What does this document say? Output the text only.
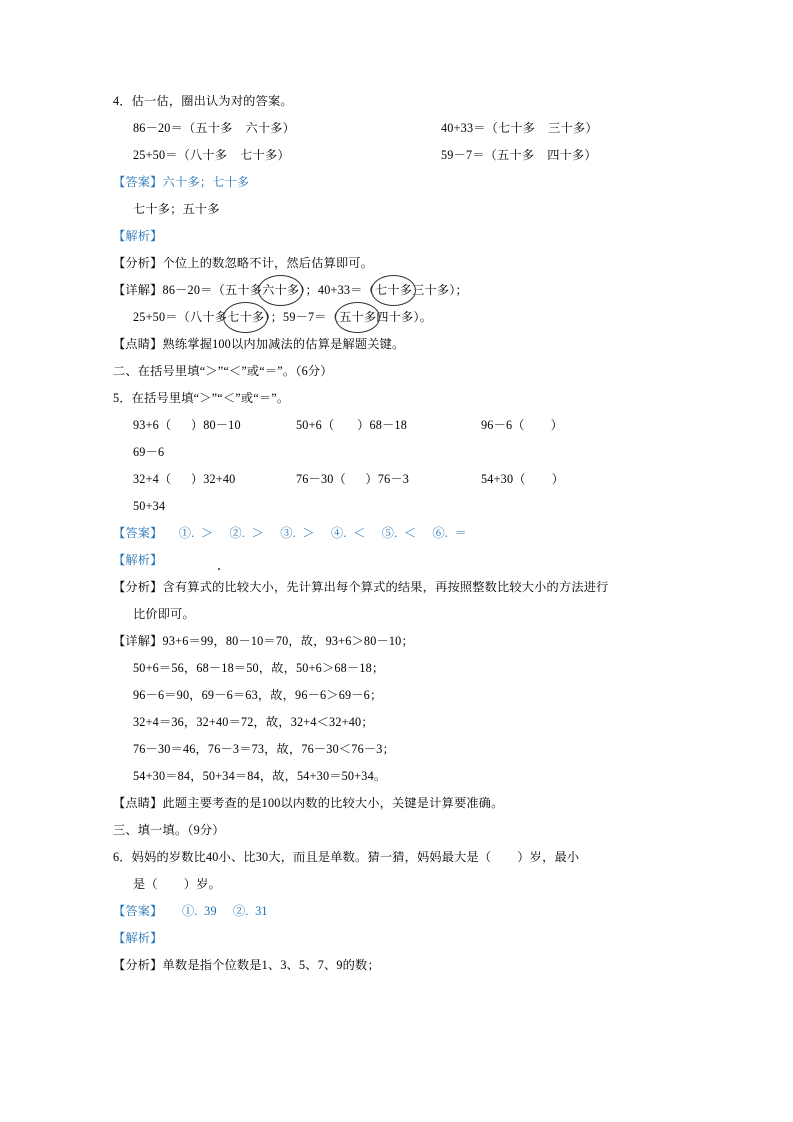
4．估一估，圈出认为对的答案。
86－20＝（五十多    六十多）	40+33＝（七十多    三十多）
25+50＝（八十多    七十多）	59－7＝（五十多    四十多）
【答案】六十多；七十多
七十多；五十多
【解析】
【分析】个位上的数忽略不计，然后估算即可。
【详解】86－20＝（五十多六十多）；40+33＝（七十多三十多）；
25+50＝（八十多七十多）；59－7＝（五十多四十多）。
【点睛】熟练掌握100以内加减法的估算是解题关键。
二、在括号里填“＞”“＜”或“＝”。（6分）
5．在括号里填“＞”“＜”或“＝”。
93+6（      ）80－10	50+6（       ）68－18	96－6（        ）
69－6
32+4（      ）32+40	76－30（      ）76－3	54+30（        ）
50+34
【答案】     ①.  ＞     ②.  ＞     ③.  ＞     ④.  ＜     ⑤.  ＜     ⑥.  ＝
【解析】
【分析】含有算式的比较大小，先计算出每个算式的结果，再按照整数比较大小的方法进行
比价即可。
【详解】93+6＝99，80－10＝70，故，93+6＞80－10；
50+6＝56，68－18＝50，故，50+6＞68－18；
96－6＝90，69－6＝63，故，96－6＞69－6；
32+4＝36，32+40＝72，故，32+4＜32+40；
76－30＝46，76－3＝73，故，76－30＜76－3；
54+30＝84，50+34＝84，故，54+30＝50+34。
【点睛】此题主要考查的是100以内数的比较大小，关键是计算要准确。
三、填一填。（9分）
6．妈妈的岁数比40小、比30大，而且是单数。猜一猜，妈妈最大是（        ）岁，最小
是（        ）岁。
【答案】      ①.  39     ②.  31
【解析】
【分析】单数是指个位数是1、3、5、7、9的数；
